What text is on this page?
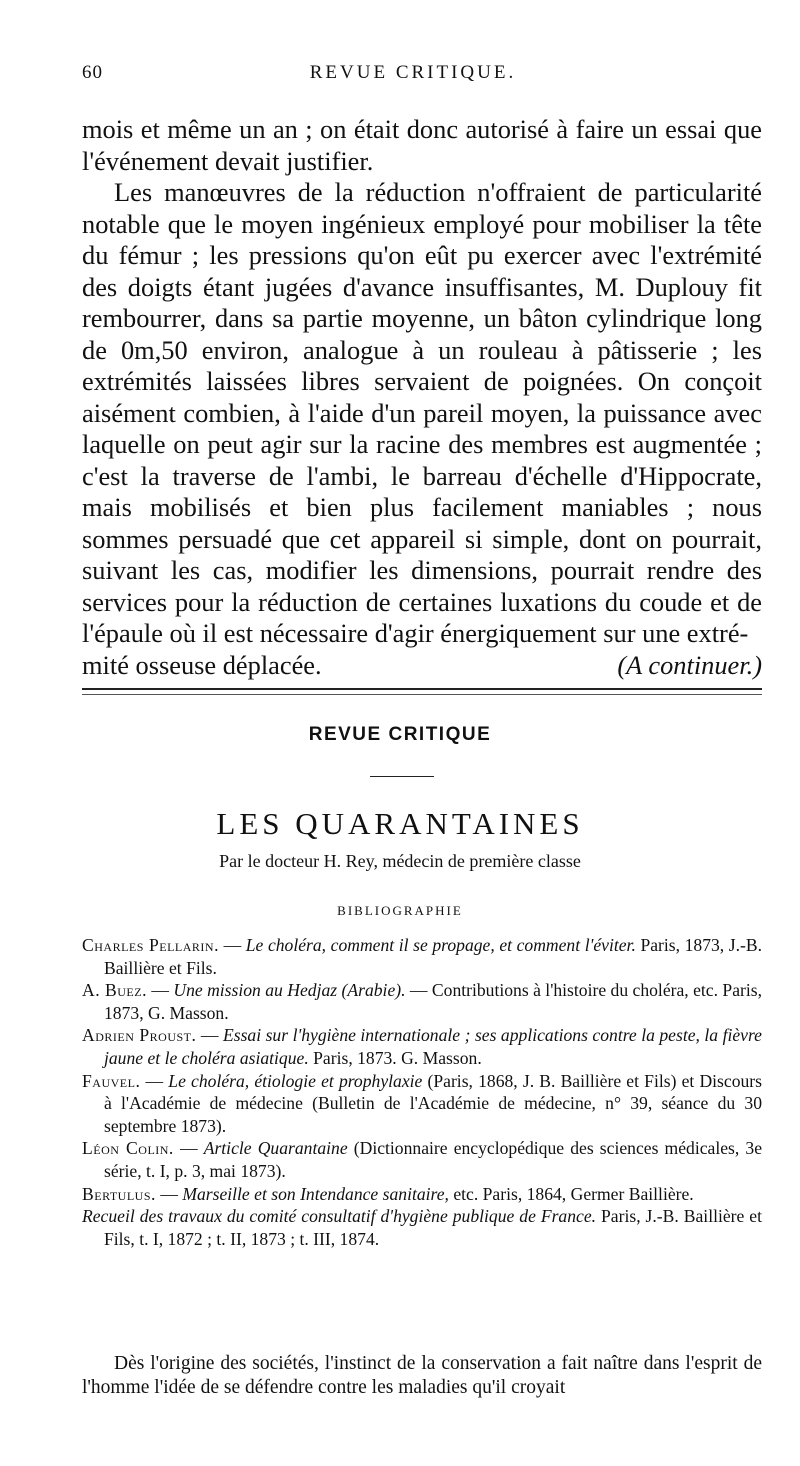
60	REVUE CRITIQUE.

mois et même un an ; on était donc autorisé à faire un essai que l'événement devait justifier.

Les manœuvres de la réduction n'offraient de particularité notable que le moyen ingénieux employé pour mobiliser la tête du fémur ; les pressions qu'on eût pu exercer avec l'extrémité des doigts étant jugées d'avance insuffisantes, M. Duplouy fit rembourrer, dans sa partie moyenne, un bâton cylindrique long de 0m,50 environ, analogue à un rouleau à pâtisserie ; les extrémités laissées libres servaient de poignées. On conçoit aisément combien, à l'aide d'un pareil moyen, la puissance avec laquelle on peut agir sur la racine des membres est augmentée ; c'est la traverse de l'ambi, le barreau d'échelle d'Hippocrate, mais mobilisés et bien plus facilement maniables ; nous sommes persuadé que cet appareil si simple, dont on pourrait, suivant les cas, modifier les dimensions, pourrait rendre des services pour la réduction de certaines luxations du coude et de l'épaule où il est nécessaire d'agir énergiquement sur une extré-

mité osseuse déplacée.	(A continuer.)
REVUE CRITIQUE
LES QUARANTAINES
Par le docteur H. Rey, médecin de première classe
BIBLIOGRAPHIE

Charles Pellarin. — Le choléra, comment il se propage, et comment l'éviter. Paris, 1873, J.-B. Baillière et Fils.

A. Buez. — Une mission au Hedjaz (Arabie). — Contributions à l'histoire du choléra, etc. Paris, 1873, G. Masson.

Adrien Proust. — Essai sur l'hygiène internationale ; ses applications contre la peste, la fièvre jaune et le choléra asiatique. Paris, 1873. G. Masson.

Fauvel. — Le choléra, étiologie et prophylaxie (Paris, 1868, J. B. Baillière et Fils) et Discours à l'Académie de médecine (Bulletin de l'Académie de médecine, n° 39, séance du 30 septembre 1873).

Léon Colin. — Article Quarantaine (Dictionnaire encyclopédique des sciences médicales, 3e série, t. I, p. 3, mai 1873).

Bertulus. — Marseille et son Intendance sanitaire, etc. Paris, 1864, Germer Baillière.

Recueil des travaux du comité consultatif d'hygiène publique de France. Paris, J.-B. Baillière et Fils, t. I, 1872 ; t. II, 1873 ; t. III, 1874.

Dès l'origine des sociétés, l'instinct de la conservation a fait naître dans l'esprit de l'homme l'idée de se défendre contre les maladies qu'il croyait
